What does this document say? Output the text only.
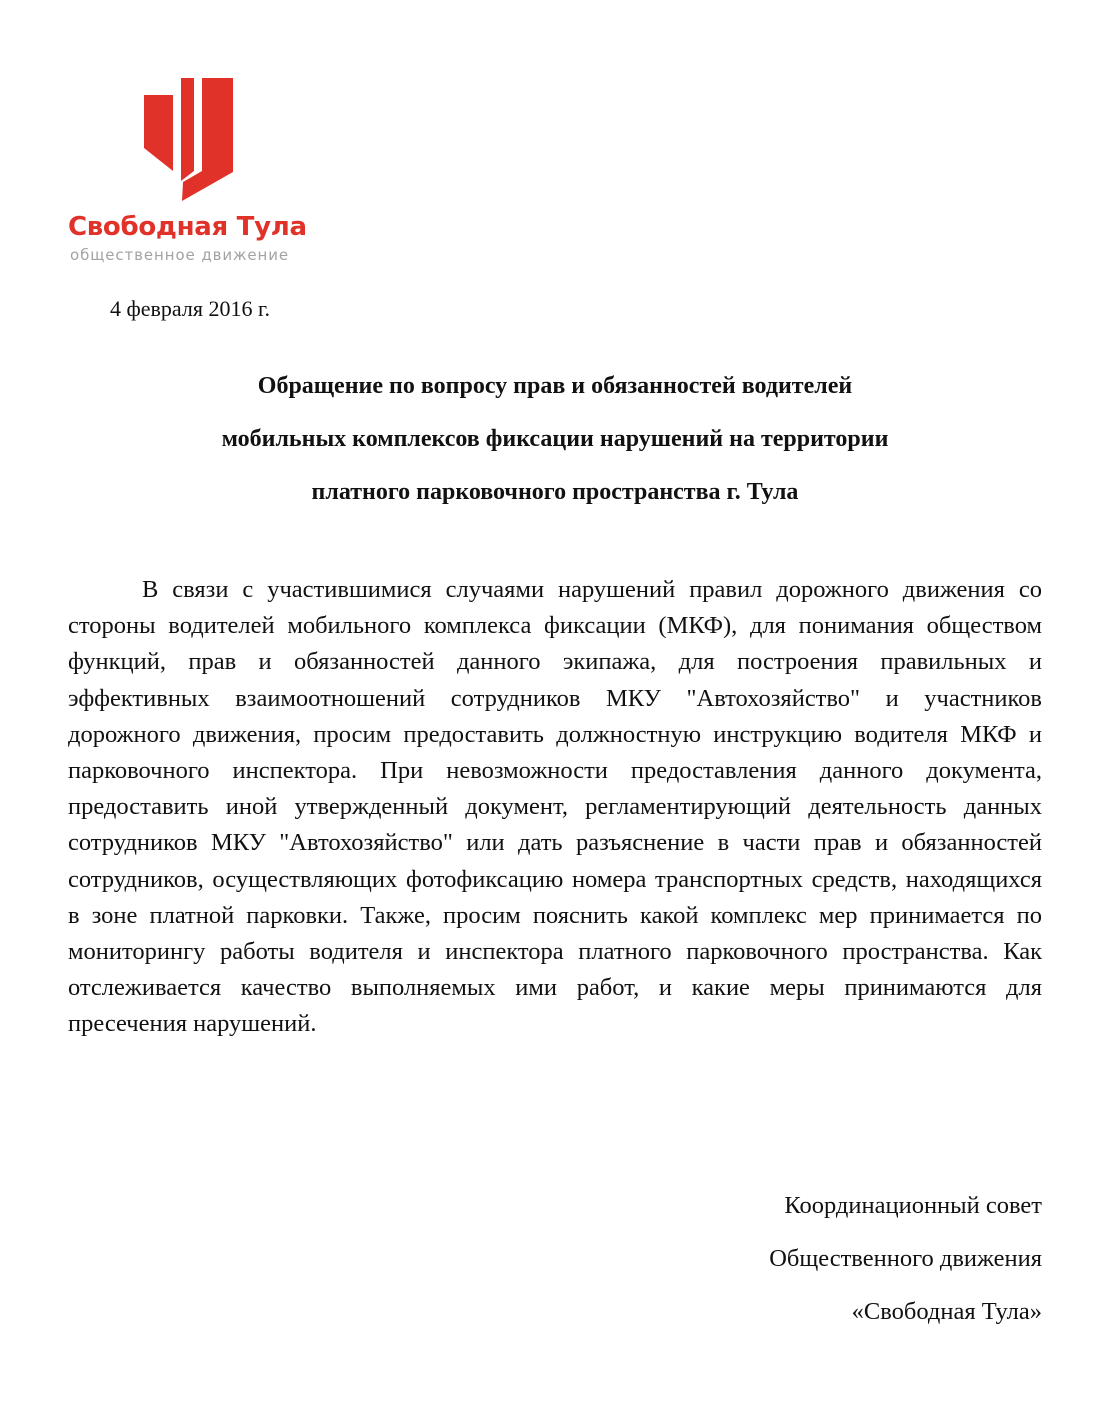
Свободная Тула
общественное движение
4 февраля 2016 г.
Обращение по вопросу прав и обязанностей водителей
мобильных комплексов фиксации нарушений на территории
платного парковочного пространства г. Тула

В связи с участившимися случаями нарушений правил дорожного движения со стороны водителей мобильного комплекса фиксации (МКФ), для понимания обществом функций, прав и обязанностей данного экипажа, для построения правильных и эффективных взаимоотношений сотрудников МКУ "Автохозяйство" и участников дорожного движения, просим предоставить должностную инструкцию водителя МКФ и парковочного инспектора. При невозможности предоставления данного документа, предоставить иной утвержденный документ, регламентирующий деятельность данных сотрудников МКУ "Автохозяйство" или дать разъяснение в части прав и обязанностей сотрудников, осуществляющих фотофиксацию номера транспортных средств, находящихся в зоне платной парковки. Также, просим пояснить какой комплекс мер принимается по мониторингу работы водителя и инспектора платного парковочного пространства. Как отслеживается качество выполняемых ими работ, и какие меры принимаются для пресечения нарушений.

Координационный совет
Общественного движения
«Свободная Тула»
